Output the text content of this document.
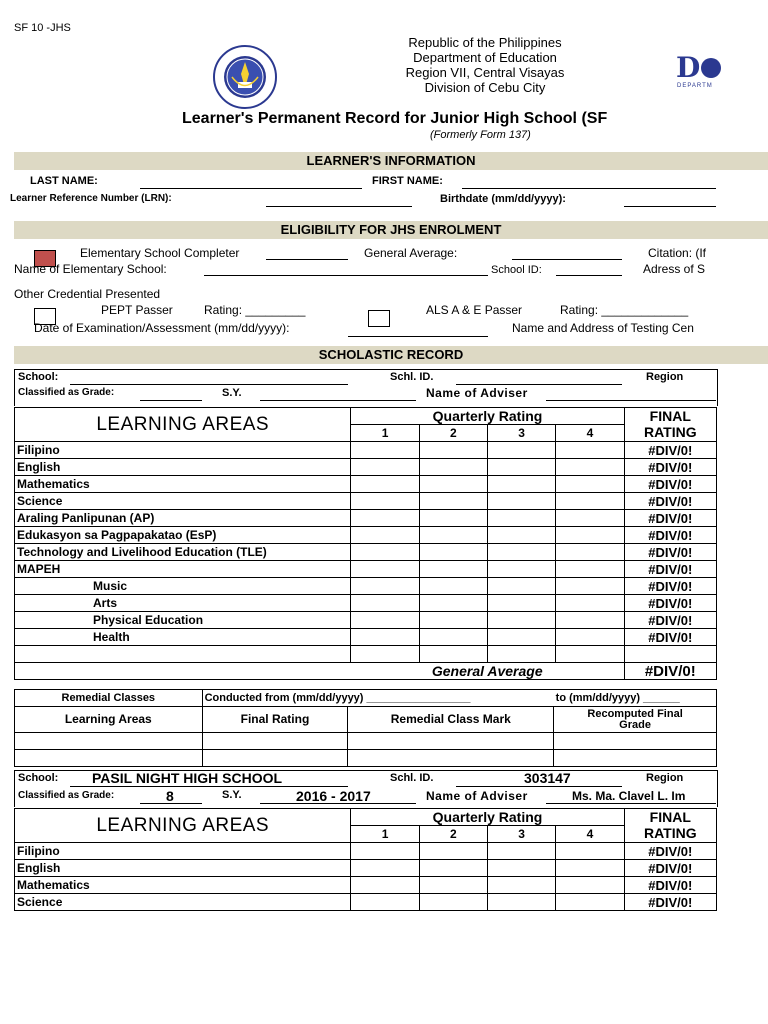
SF 10 -JHS
Republic of the Philippines
Department of Education
Region VII, Central Visayas
Division of Cebu City
D
DEPARTM
Learner's Permanent Record for Junior High School (SF
(Formerly Form 137)
LEARNER'S INFORMATION
LAST NAME:	FIRST NAME:
Learner Reference Number (LRN):	Birthdate (mm/dd/yyyy):
ELIGIBILITY FOR JHS ENROLMENT
Elementary School Completer	General Average:	Citation: (If
Name of Elementary School:	School ID:	Adress of S
Other Credential Presented
PEPT Passer	Rating: _________	ALS A & E Passer	Rating: _____________
Date of Examination/Assessment (mm/dd/yyyy):	Name and Address of Testing Cen
SCHOLASTIC RECORD
School:	Schl. ID.	Region
Classified as Grade:	S.Y.	Name of Adviser
LEARNING AREAS	Quarterly Rating				FINAL
	1	2	3	4	RATING
Filipino					#DIV/0!
English					#DIV/0!
Mathematics					#DIV/0!
Science					#DIV/0!
Araling Panlipunan (AP)					#DIV/0!
Edukasyon sa Pagpapakatao (EsP)					#DIV/0!
Technology and Livelihood Education (TLE)					#DIV/0!
MAPEH					#DIV/0!
Music					#DIV/0!
Arts					#DIV/0!
Physical Education					#DIV/0!
Health					#DIV/0!

	General Average				#DIV/0!
Remedial Classes	Conducted from (mm/dd/yyyy) _________________		to (mm/dd/yyyy) ______
Learning Areas	Final Rating	Remedial Class Mark	Recomputed Final
Grade

School: PASIL NIGHT HIGH SCHOOL	Schl. ID.	303147	Region
Classified as Grade:	8	S.Y.	2016 - 2017	Name of Adviser	Ms. Ma. Clavel L. Im
LEARNING AREAS	Quarterly Rating				FINAL
	1	2	3	4	RATING
Filipino					#DIV/0!
English					#DIV/0!
Mathematics					#DIV/0!
Science					#DIV/0!
